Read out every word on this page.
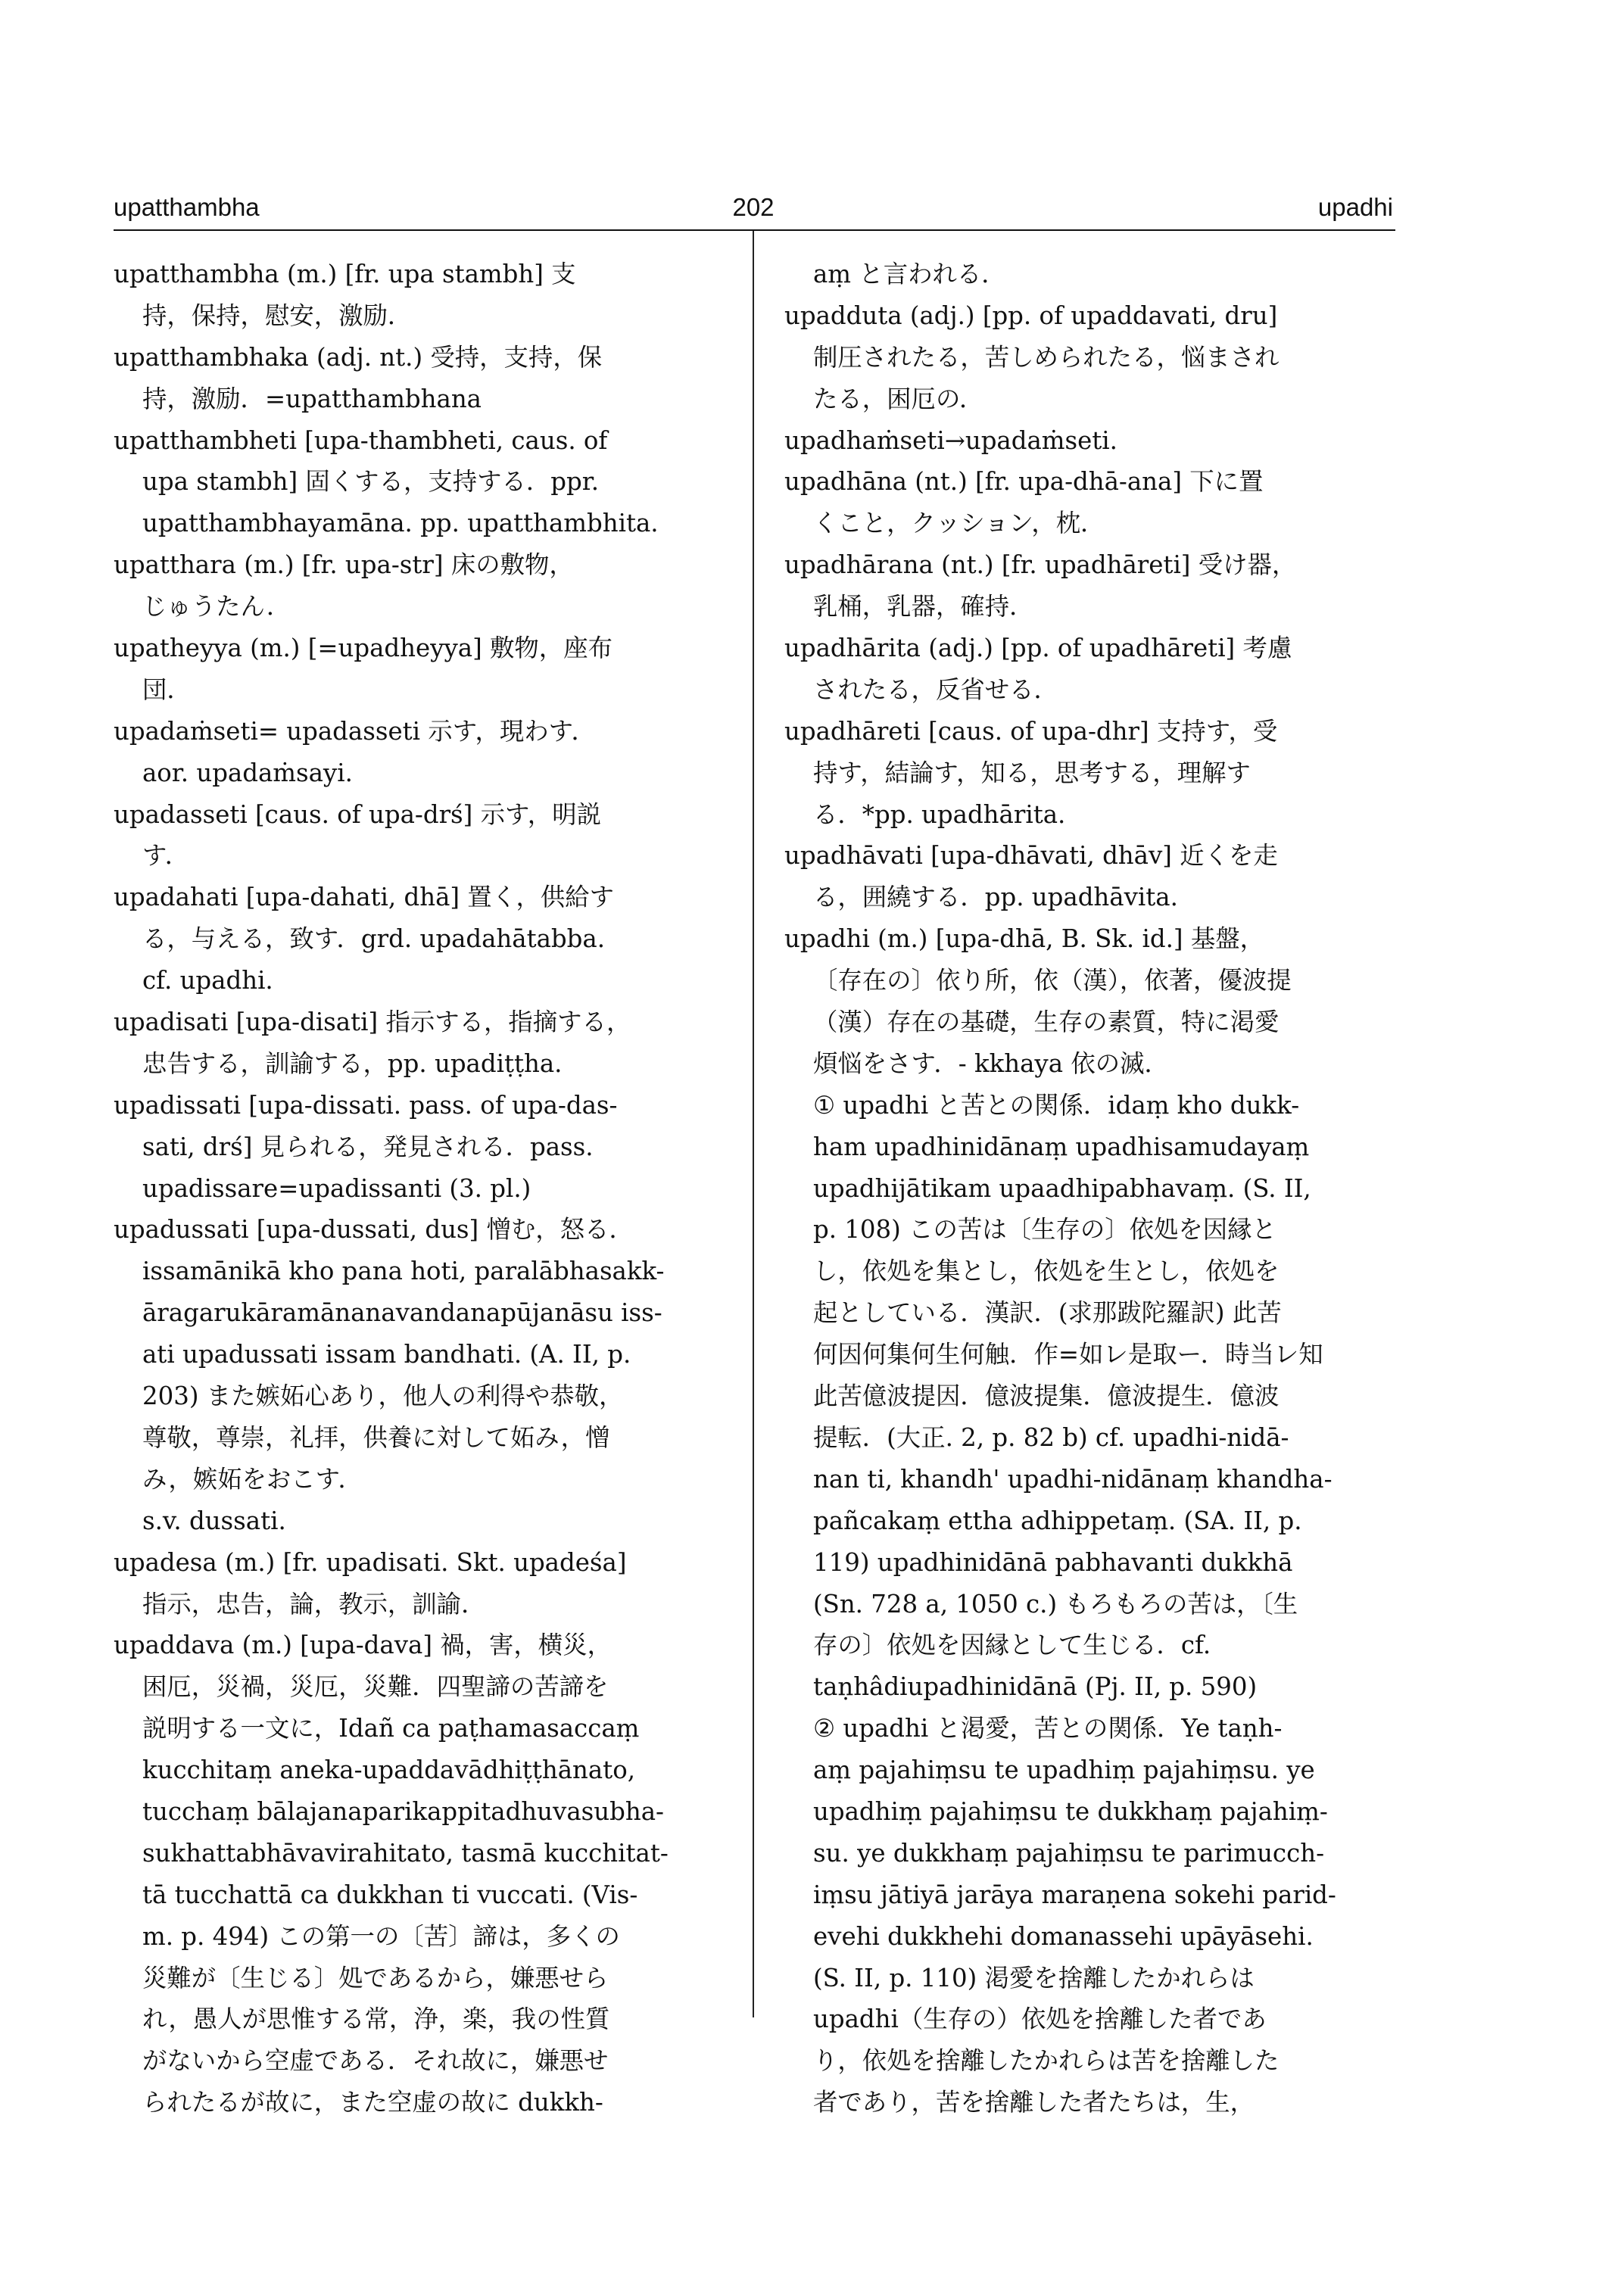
upatthambha	202	upadhi
upatthambha (m.) [fr. upa stambh] 支
持，保持，慰安，激励．
upatthambhaka (adj. nt.) 受持，支持，保
持，激励．=upatthambhana
upatthambheti [upa-thambheti, caus. of
upa stambh] 固くする，支持する．ppr.
upatthambhayamāna. pp. upatthambhita.
upatthara (m.) [fr. upa-str] 床の敷物，
じゅうたん．
upatheyya (m.) [=upadheyya] 敷物，座布
団．
upadaṁseti= upadasseti 示す，現わす．
aor. upadaṁsayi.
upadasseti [caus. of upa-drś] 示す，明説
す．
upadahati [upa-dahati, dhā] 置く，供給す
る，与える，致す．grd. upadahātabba.
cf. upadhi.
upadisati [upa-disati] 指示する，指摘する，
忠告する，訓諭する，pp. upadiṭṭha.
upadissati [upa-dissati. pass. of upa-das-
sati, drś] 見られる，発見される．pass.
upadissare=upadissanti (3. pl.)
upadussati [upa-dussati, dus] 憎む，怒る．
issamānikā kho pana hoti, paralābhasakk-
āragarukāramānanavandanapūjanāsu iss-
ati upadussati issam bandhati. (A. II, p.
203) また嫉妬心あり，他人の利得や恭敬，
尊敬，尊崇，礼拝，供養に対して妬み，憎
み，嫉妬をおこす．
s.v. dussati.
upadesa (m.) [fr. upadisati. Skt. upadeśa]
指示，忠告，論，教示，訓諭．
upaddava (m.) [upa-dava] 禍，害，横災，
困厄，災禍，災厄，災難．四聖諦の苦諦を
説明する一文に，Idañ ca paṭhamasaccaṃ
kucchitaṃ aneka-upaddavādhiṭṭhānato,
tucchaṃ bālajanaparikappitadhuvasubha-
sukhattabhāvavirahitato, tasmā kucchitat-
tā tucchattā ca dukkhan ti vuccati. (Vis-
m. p. 494) この第一の〔苦〕諦は，多くの
災難が〔生じる〕処であるから，嫌悪せら
れ，愚人が思惟する常，浄，楽，我の性質
がないから空虚である．それ故に，嫌悪せ
られたるが故に，また空虚の故に dukkh-
aṃ と言われる．
upadduta (adj.) [pp. of upaddavati, dru]
制圧されたる，苦しめられたる，悩まされ
たる，困厄の．
upadhaṁseti→upadaṁseti.
upadhāna (nt.) [fr. upa-dhā-ana] 下に置
くこと，クッション，枕．
upadhārana (nt.) [fr. upadhāreti] 受け器，
乳桶，乳器，確持．
upadhārita (adj.) [pp. of upadhāreti] 考慮
されたる，反省せる．
upadhāreti [caus. of upa-dhr] 支持す，受
持す，結論す，知る，思考する，理解す
る．*pp. upadhārita.
upadhāvati [upa-dhāvati, dhāv] 近くを走
る，囲繞する．pp. upadhāvita.
upadhi (m.) [upa-dhā, B. Sk. id.] 基盤，
〔存在の〕依り所，依（漢），依著，優波提
（漢）存在の基礎，生存の素質，特に渇愛
煩悩をさす．- kkhaya 依の滅．
① upadhi と苦との関係．idaṃ kho dukk-
ham upadhinidānaṃ upadhisamudayaṃ
upadhijātikam upaadhipabhavaṃ. (S. II,
p. 108) この苦は〔生存の〕依処を因縁と
し，依処を集とし，依処を生とし，依処を
起としている．漢訳．(求那跋陀羅訳) 此苦
何因何集何生何触．作=如レ是取ー．時当レ知
此苦億波提因．億波提集．億波提生．億波
提転．(大正. 2, p. 82 b) cf. upadhi-nidā-
nan ti, khandh' upadhi-nidānaṃ khandha-
pañcakaṃ ettha adhippetaṃ. (SA. II, p.
119) upadhinidānā pabhavanti dukkhā
(Sn. 728 a, 1050 c.) もろもろの苦は，〔生
存の〕依処を因縁として生じる．cf.
taṇhâdiupadhinidānā (Pj. II, p. 590)
② upadhi と渇愛，苦との関係．Ye taṇh-
aṃ pajahiṃsu te upadhiṃ pajahiṃsu. ye
upadhiṃ pajahiṃsu te dukkhaṃ pajahiṃ-
su. ye dukkhaṃ pajahiṃsu te parimucch-
iṃsu jātiyā jarāya maraṇena sokehi parid-
evehi dukkhehi domanassehi upāyāsehi.
(S. II, p. 110) 渇愛を捨離したかれらは
upadhi（生存の）依処を捨離した者であ
り，依処を捨離したかれらは苦を捨離した
者であり，苦を捨離した者たちは，生，
